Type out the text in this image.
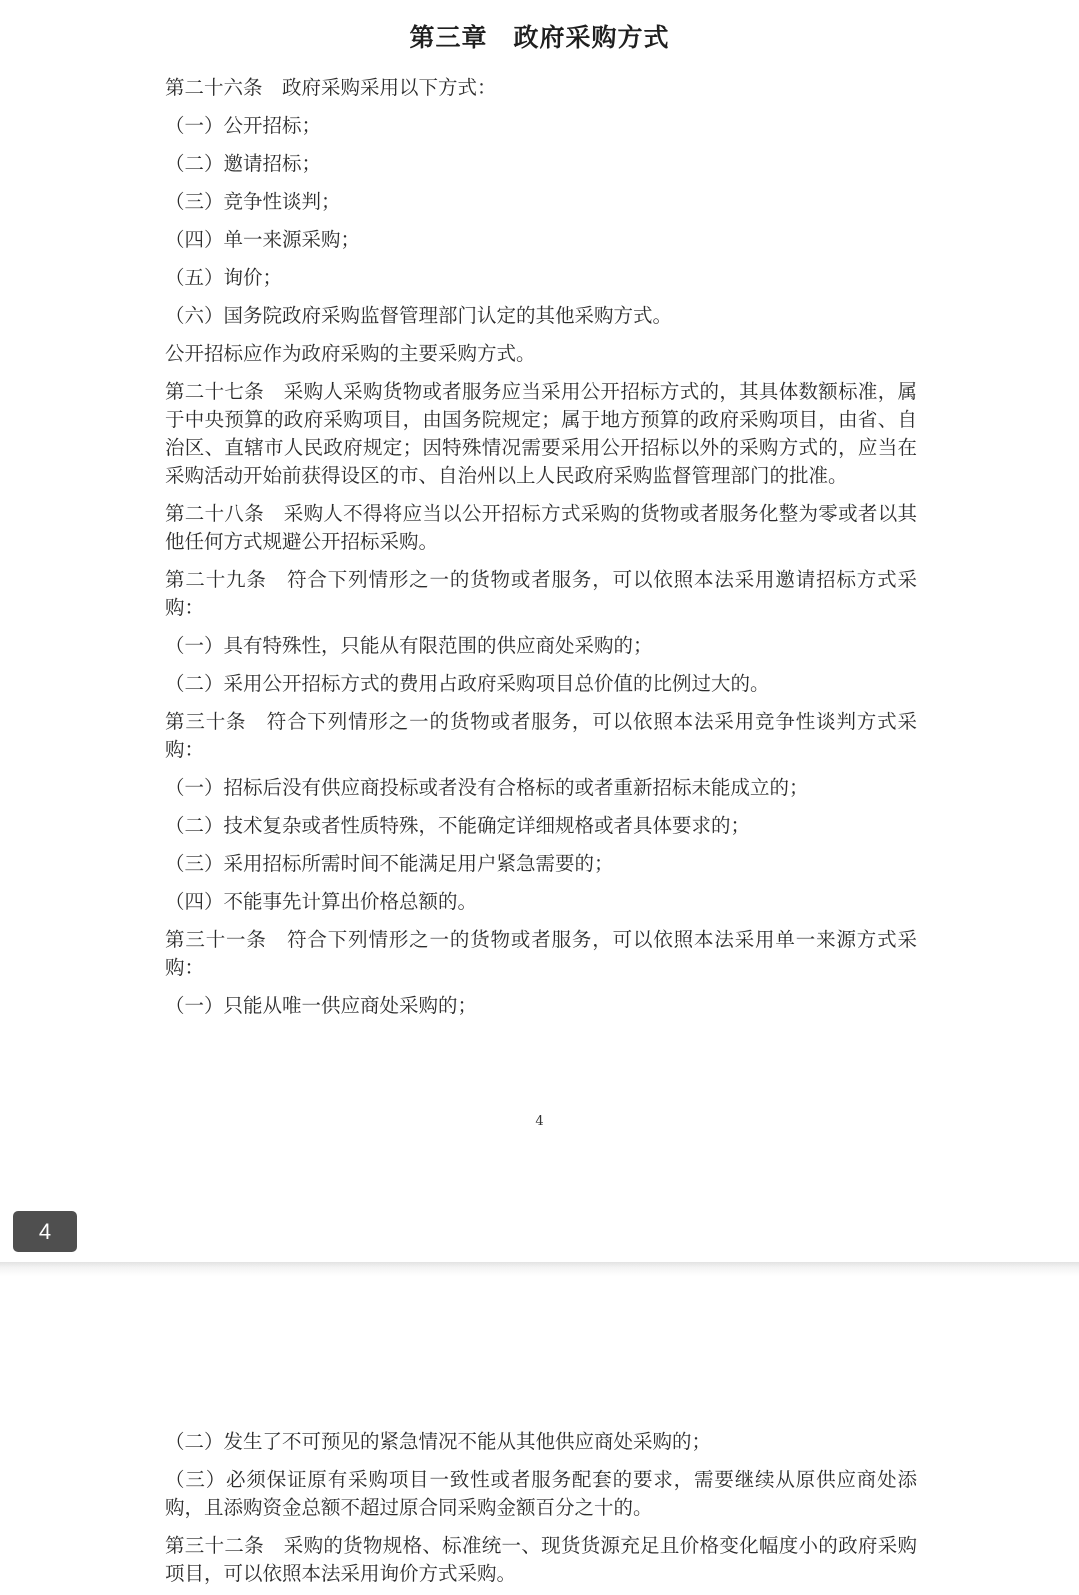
第三章　政府采购方式

第二十六条　政府采购采用以下方式：

（一）公开招标；

（二）邀请招标；

（三）竞争性谈判；

（四）单一来源采购；

（五）询价；

（六）国务院政府采购监督管理部门认定的其他采购方式。

公开招标应作为政府采购的主要采购方式。

第二十七条　采购人采购货物或者服务应当采用公开招标方式的，其具体数额标准，属于中央预算的政府采购项目，由国务院规定；属于地方预算的政府采购项目，由省、自治区、直辖市人民政府规定；因特殊情况需要采用公开招标以外的采购方式的，应当在采购活动开始前获得设区的市、自治州以上人民政府采购监督管理部门的批准。

第二十八条　采购人不得将应当以公开招标方式采购的货物或者服务化整为零或者以其他任何方式规避公开招标采购。

第二十九条　符合下列情形之一的货物或者服务，可以依照本法采用邀请招标方式采购：

（一）具有特殊性，只能从有限范围的供应商处采购的；

（二）采用公开招标方式的费用占政府采购项目总价值的比例过大的。

第三十条　符合下列情形之一的货物或者服务，可以依照本法采用竞争性谈判方式采购：

（一）招标后没有供应商投标或者没有合格标的或者重新招标未能成立的；

（二）技术复杂或者性质特殊，不能确定详细规格或者具体要求的；

（三）采用招标所需时间不能满足用户紧急需要的；

（四）不能事先计算出价格总额的。

第三十一条　符合下列情形之一的货物或者服务，可以依照本法采用单一来源方式采购：

（一）只能从唯一供应商处采购的；

4
4

（二）发生了不可预见的紧急情况不能从其他供应商处采购的；

（三）必须保证原有采购项目一致性或者服务配套的要求，需要继续从原供应商处添购，且添购资金总额不超过原合同采购金额百分之十的。

第三十二条　采购的货物规格、标准统一、现货货源充足且价格变化幅度小的政府采购项目，可以依照本法采用询价方式采购。
